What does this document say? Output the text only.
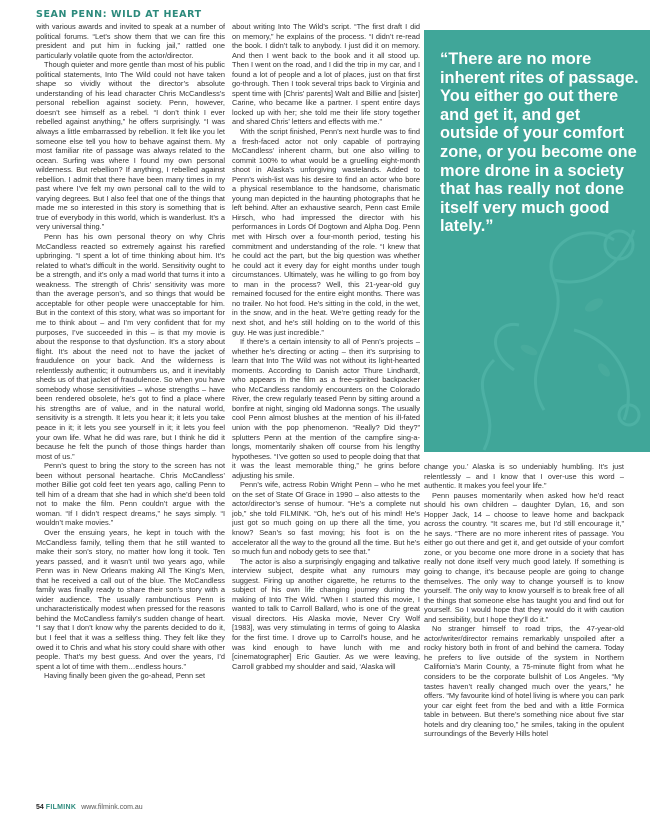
SEAN PENN: WILD AT HEART

with various awards and invited to speak at a number of political forums. “Let’s show them that we can fire this president and put him in fucking jail,” rattled one particularly volatile quote from the actor/director.

Though quieter and more gentle than most of his public political statements, Into The Wild could not have taken shape so vividly without the director’s absolute understanding of his lead character Chris McCandless’s personal rebellion against society. Penn, however, doesn’t see himself as a rebel. “I don’t think I ever rebelled against anything,” he offers surprisingly. “I was always a little embarrassed by rebellion. It felt like you let someone else tell you how to behave against them. My most familiar rite of passage was always related to the ocean. Surfing was where I found my own personal wilderness. But rebellion? If anything, I rebelled against rebellion. I admit that there have been many times in my past where I’ve felt my own personal call to the wild to varying degrees. But I also feel that one of the things that made me so interested in this story is something that is true of everybody in this world, which is wanderlust. It’s a very universal thing.”

Penn has his own personal theory on why Chris McCandless reacted so extremely against his rarefied upbringing. “I spent a lot of time thinking about him. It’s related to what’s difficult in the world. Sensitivity ought to be a strength, and it’s only a mad world that turns it into a weakness. The strength of Chris’ sensitivity was more than the average person’s, and so things that would be acceptable for other people were unacceptable for him. But in the context of this story, what was so important for me to think about – and I’m very confident that for my purposes, I’ve succeeded in this – is that my movie is about the response to that dysfunction. It’s a story about flight. It’s about the need not to have the jacket of fraudulence on your back. And the wilderness is relentlessly authentic; it outnumbers us, and it inevitably sheds us of that jacket of fraudulence. So when you have somebody whose sensitivities – whose strengths – have been rendered obsolete, he’s got to find a place where his strengths are of value, and in the natural world, sensitivity is a strength. It lets you hear it; it lets you take peace in it; it lets you see yourself in it; it lets you feel your own life. What he did was rare, but I think he did it because he felt the punch of those things harder than most of us.”

Penn’s quest to bring the story to the screen has not been without personal heartache. Chris McCandless’ mother Billie got cold feet ten years ago, calling Penn to tell him of a dream that she had in which she’d been told not to make the film. Penn couldn’t argue with the woman. “If I didn’t respect dreams,” he says simply. “I wouldn’t make movies.”

Over the ensuing years, he kept in touch with the McCandless family, telling them that he still wanted to make their son’s story, no matter how long it took. Ten years passed, and it wasn’t until two years ago, while Penn was in New Orleans making All The King’s Men, that he received a call out of the blue. The McCandless family was finally ready to share their son’s story with a wider audience. The usually rambunctious Penn is uncharacteristically modest when pressed for the reasons behind the McCandless family’s sudden change of heart. “I say that I don’t know why the parents decided to do it, but I feel that it was a selfless thing. They felt like they owed it to Chris and what his story could share with other people. That’s my best guess. And over the years, I’d spent a lot of time with them…endless hours.”

Having finally been given the go-ahead, Penn set

about writing Into The Wild’s script. “The first draft I did on memory,” he explains of the process. “I didn’t re-read the book. I didn’t talk to anybody. I just did it on memory. And then I went back to the book and it all stood up. Then I went on the road, and I did the trip in my car, and I found a lot of people and a lot of places, just on that first go-through. Then I took several trips back to Virginia and spent time with [Chris’ parents] Walt and Billie and [sister] Carine, who became like a partner. I spent entire days locked up with her; she told me their life story together and shared Chris’ letters and effects with me.”

With the script finished, Penn’s next hurdle was to find a fresh-faced actor not only capable of portraying McCandless’ inherent charm, but one also willing to commit 100% to what would be a gruelling eight-month shoot in Alaska’s unforgiving wastelands. Added to Penn’s wish-list was his desire to find an actor who bore a physical resemblance to the handsome, charismatic young man depicted in the haunting photographs that he left behind. After an exhaustive search, Penn cast Emile Hirsch, who had impressed the director with his performances in Lords Of Dogtown and Alpha Dog. Penn met with Hirsch over a four-month period, testing his commitment and understanding of the role. “I knew that he could act the part, but the big question was whether he could act it every day for eight months under tough circumstances. Ultimately, was he willing to go from boy to man in the process? Well, this 21-year-old guy remained focused for the entire eight months. There was no trailer. No hot food. He’s sitting in the cold, in the wet, in the snow, and in the heat. We’re getting ready for the next shot, and he’s still holding on to the world of this guy. He was just incredible.”

If there’s a certain intensity to all of Penn’s projects – whether he’s directing or acting – then it’s surprising to learn that Into The Wild was not without its light-hearted moments. According to Danish actor Thure Lindhardt, who appears in the film as a free-spirited backpacker who McCandless randomly encounters on the Colorado River, the crew regularly teased Penn by sitting around a bonfire at night, singing old Madonna songs. The usually cool Penn almost blushes at the mention of his ill-fated union with the pop phenomenon. “Really? Did they?” splutters Penn at the mention of the campfire sing-a-longs, momentarily shaken off course from his lengthy hypotheses. “I’ve gotten so used to people doing that that it was the least memorable thing,” he grins before adjusting his smile.

Penn’s wife, actress Robin Wright Penn – who he met on the set of State Of Grace in 1990 – also attests to the actor/director’s sense of humour. “He’s a complete nut job,” she told FILMINK. “Oh, he’s out of his mind! He’s just got so much going on up there all the time, you know? Sean’s so fast moving; his foot is on the accelerator all the way to the ground all the time. But he’s so much fun and nobody gets to see that.”

The actor is also a surprisingly engaging and talkative interview subject, despite what any rumours may suggest. Firing up another cigarette, he returns to the subject of his own life changing journey during the making of Into The Wild. “When I started this movie, I wanted to talk to Carroll Ballard, who is one of the great visual directors. His Alaska movie, Never Cry Wolf [1983], was very stimulating in terms of going to Alaska for the first time. I drove up to Carroll’s house, and he was kind enough to have lunch with me and [cinematographer] Eric Gautier. As we were leaving, Carroll grabbed my shoulder and said, ‘Alaska will

“There are no more inherent rites of passage. You either go out there and get it, and get outside of your comfort zone, or you become one more drone in a society that has really not done itself very much good lately.”

change you.’ Alaska is so undeniably humbling. It’s just relentlessly – and I know that I over-use this word – authentic. It makes you feel your life.”

Penn pauses momentarily when asked how he’d react should his own children – daughter Dylan, 16, and son Hopper Jack, 14 – choose to leave home and backpack across the country. “It scares me, but I’d still encourage it,” he says. “There are no more inherent rites of passage. You either go out there and get it, and get outside of your comfort zone, or you become one more drone in a society that has really not done itself very much good lately. If something is going to change, it’s because people are going to change themselves. The only way to change yourself is to know yourself. The only way to know yourself is to break free of all the things that someone else has taught you and find out for yourself. So I would hope that they would do it with caution and sensibility, but I hope they’ll do it.”

No stranger himself to road trips, the 47-year-old actor/writer/director remains remarkably unspoiled after a rocky history both in front of and behind the camera. Today he prefers to live outside of the system in Northern California’s Marin County, a 75-minute flight from what he considers to be the corporate bullshit of Los Angeles. “My tastes haven’t really changed much over the years,” he offers. “My favourite kind of hotel living is where you can park your car eight feet from the bed and with a little Formica table in between. But there’s something nice about five star hotels and dry cleaning too,” he smiles, taking in the opulent surroundings of the Beverly Hills hotel

54 FILMINK www.filmink.com.au
